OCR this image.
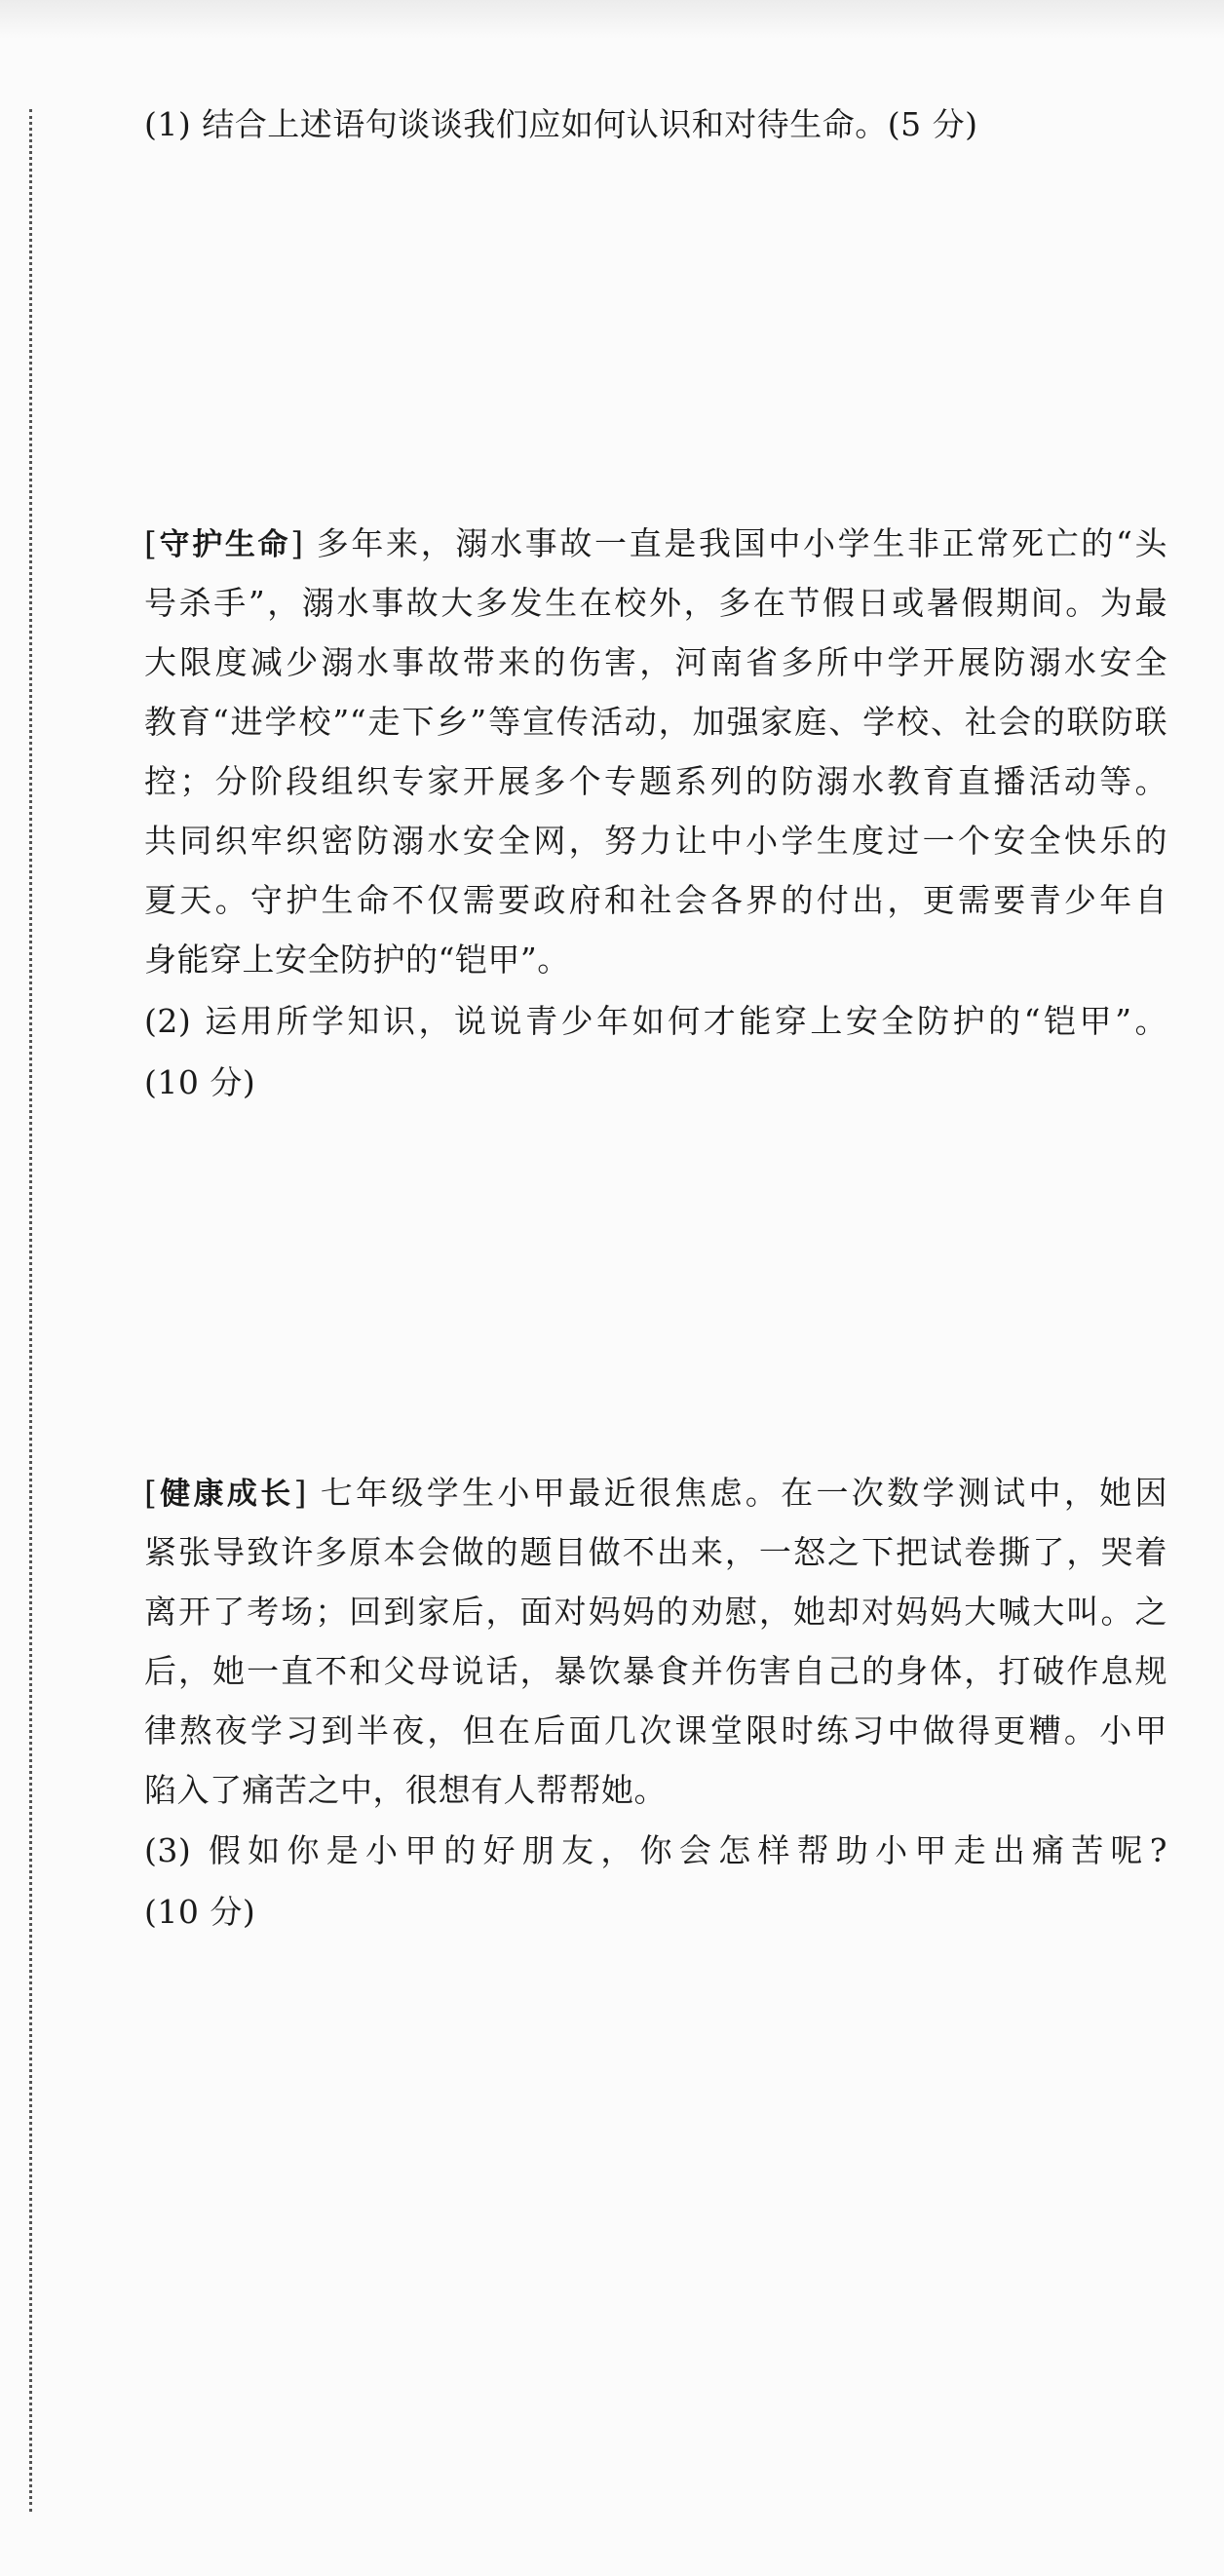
(1) 结合上述语句谈谈我们应如何认识和对待生命。(5 分)
[守护生命] 多年来，溺水事故一直是我国中小学生非正常死亡的“头
号杀手”，溺水事故大多发生在校外，多在节假日或暑假期间。为最
大限度减少溺水事故带来的伤害，河南省多所中学开展防溺水安全
教育“进学校”“走下乡”等宣传活动，加强家庭、学校、社会的联防联
控；分阶段组织专家开展多个专题系列的防溺水教育直播活动等。
共同织牢织密防溺水安全网，努力让中小学生度过一个安全快乐的
夏天。守护生命不仅需要政府和社会各界的付出，更需要青少年自
身能穿上安全防护的“铠甲”。
(2) 运用所学知识，说说青少年如何才能穿上安全防护的“铠甲”。
(10 分)
[健康成长] 七年级学生小甲最近很焦虑。在一次数学测试中，她因
紧张导致许多原本会做的题目做不出来，一怒之下把试卷撕了，哭着
离开了考场；回到家后，面对妈妈的劝慰，她却对妈妈大喊大叫。之
后，她一直不和父母说话，暴饮暴食并伤害自己的身体，打破作息规
律熬夜学习到半夜，但在后面几次课堂限时练习中做得更糟。小甲
陷入了痛苦之中，很想有人帮帮她。
(3) 假如你是小甲的好朋友，你会怎样帮助小甲走出痛苦呢?
(10 分)
